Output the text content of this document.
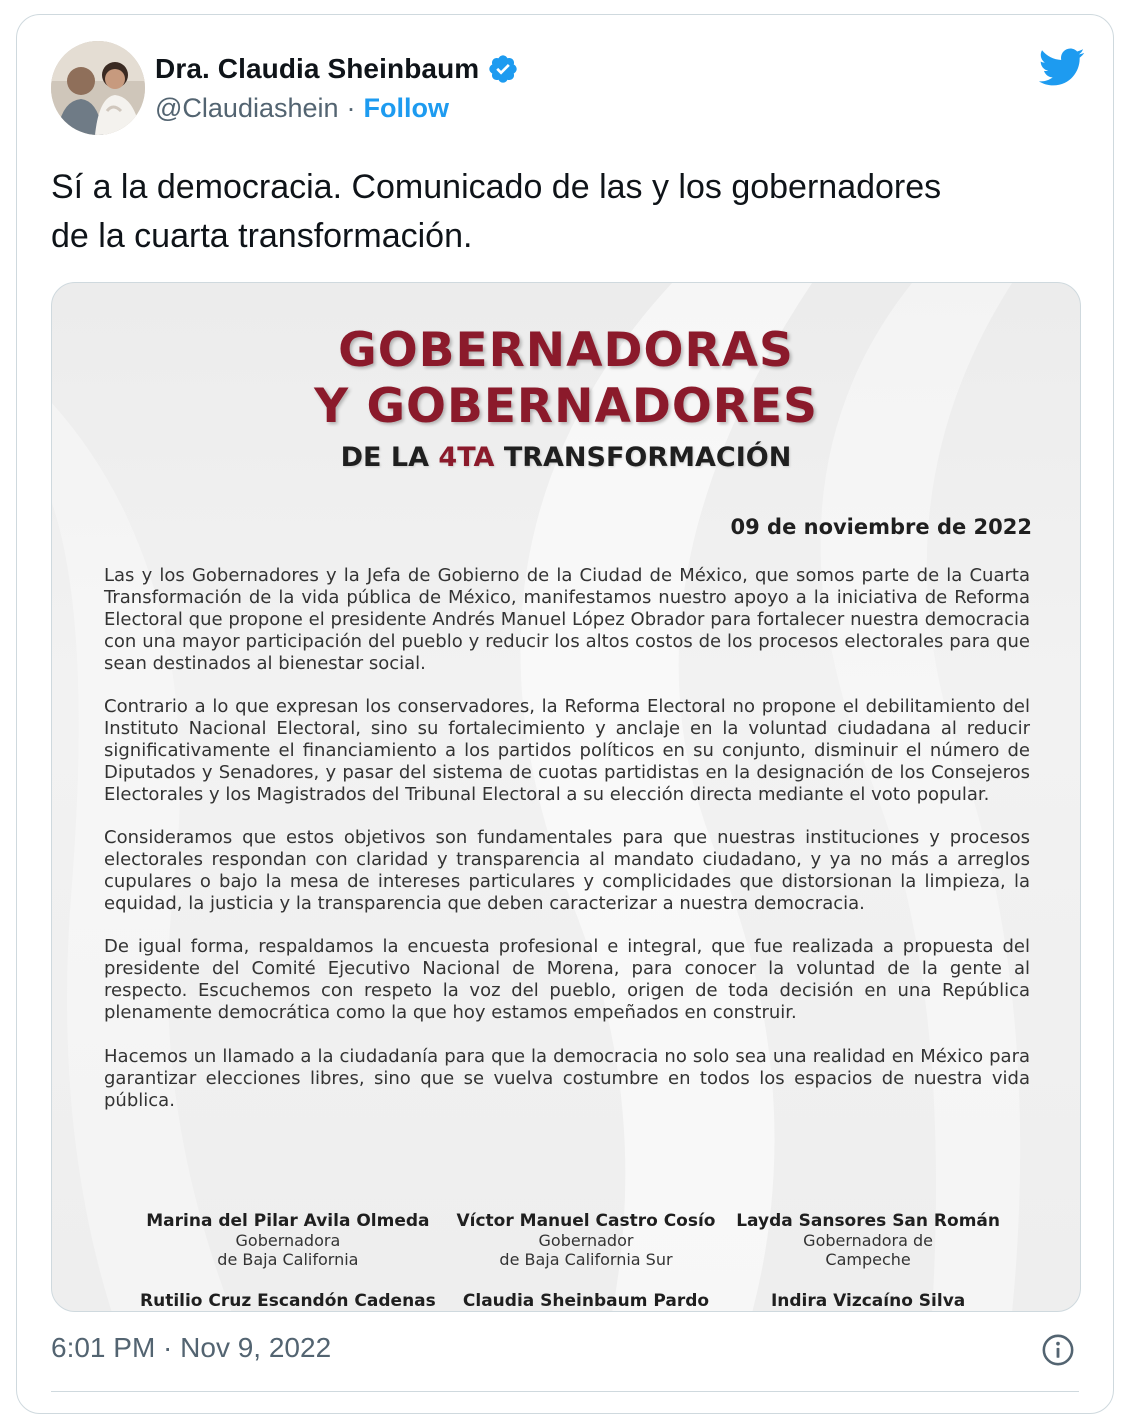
Dra. Claudia Sheinbaum
@Claudiashein · Follow
Sí a la democracia. Comunicado de las y los gobernadores
de la cuarta transformación.
GOBERNADORAS
Y GOBERNADORES
DE LA 4TA TRANSFORMACIÓN
09 de noviembre de 2022

Las y los Gobernadores y la Jefa de Gobierno de la Ciudad de México, que somos parte de la Cuarta Transformación de la vida pública de México, manifestamos nuestro apoyo a la iniciativa de Reforma Electoral que propone el presidente Andrés Manuel López Obrador para fortalecer nuestra democracia con una mayor participación del pueblo y reducir los altos costos de los procesos electorales para que sean destinados al bienestar social.

Contrario a lo que expresan los conservadores, la Reforma Electoral no propone el debilitamiento del Instituto Nacional Electoral, sino su fortalecimiento y anclaje en la voluntad ciudadana al reducir significativamente el financiamiento a los partidos políticos en su conjunto, disminuir el número de Diputados y Senadores, y pasar del sistema de cuotas partidistas en la designación de los Consejeros Electorales y los Magistrados del Tribunal Electoral a su elección directa mediante el voto popular.

Consideramos que estos objetivos son fundamentales para que nuestras instituciones y procesos electorales respondan con claridad y transparencia al mandato ciudadano, y ya no más a arreglos cupulares o bajo la mesa de intereses particulares y complicidades que distorsionan la limpieza, la equidad, la justicia y la transparencia que deben caracterizar a nuestra democracia.

De igual forma, respaldamos la encuesta profesional e integral, que fue realizada a propuesta del presidente del Comité Ejecutivo Nacional de Morena, para conocer la voluntad de la gente al respecto. Escuchemos con respeto la voz del pueblo, origen de toda decisión en una República plenamente democrática como la que hoy estamos empeñados en construir.

Hacemos un llamado a la ciudadanía para que la democracia no solo sea una realidad en México para garantizar elecciones libres, sino que se vuelva costumbre en todos los espacios de nuestra vida pública.

Marina del Pilar Avila Olmeda
Gobernadora
de Baja California
Víctor Manuel Castro Cosío
Gobernador
de Baja California Sur
Layda Sansores San Román
Gobernadora de
Campeche
Rutilio Cruz Escandón Cadenas	Claudia Sheinbaum Pardo	Indira Vizcaíno Silva
6:01 PM · Nov 9, 2022
